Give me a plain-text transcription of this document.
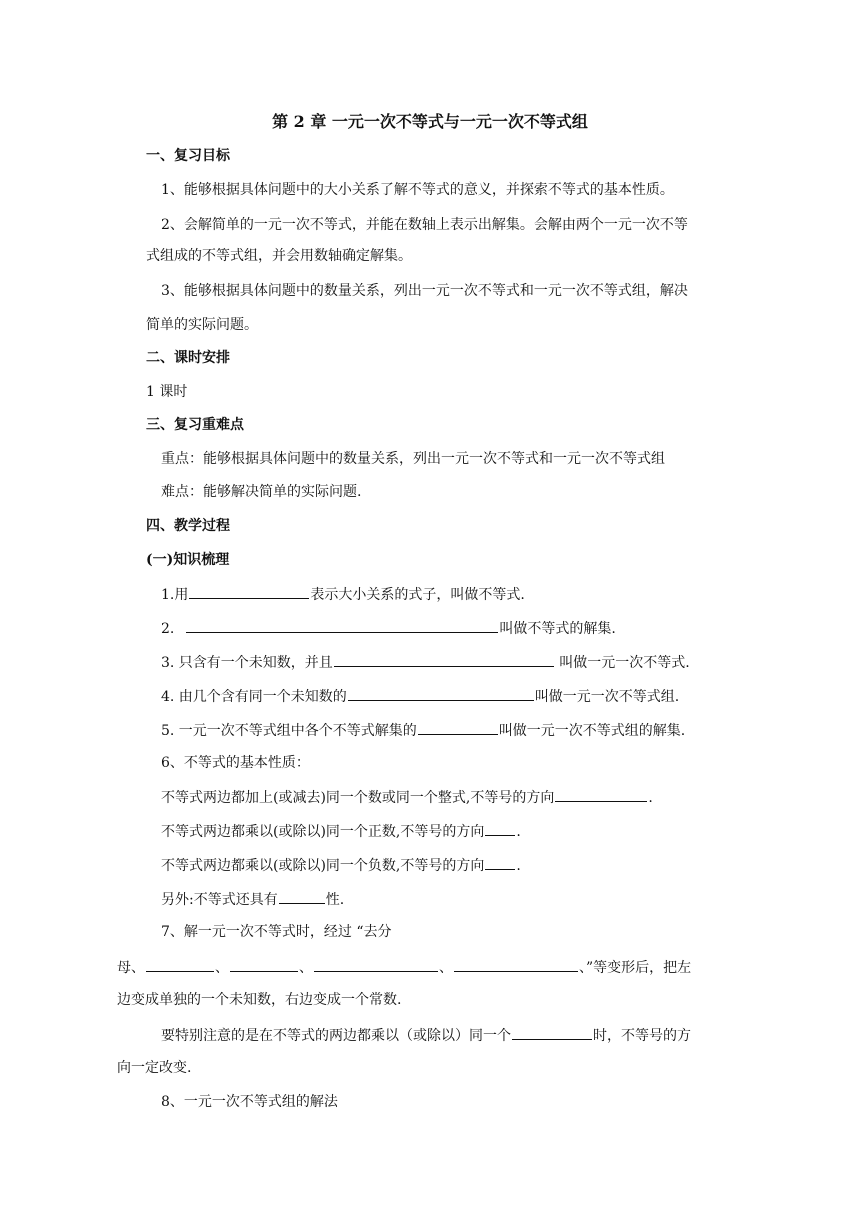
第 2 章 一元一次不等式与一元一次不等式组
一、复习目标
1、能够根据具体问题中的大小关系了解不等式的意义，并探索不等式的基本性质。
2、会解简单的一元一次不等式，并能在数轴上表示出解集。会解由两个一元一次不等
式组成的不等式组，并会用数轴确定解集。
3、能够根据具体问题中的数量关系，列出一元一次不等式和一元一次不等式组，解决
简单的实际问题。
二、课时安排
1 课时
三、复习重难点
重点：能够根据具体问题中的数量关系，列出一元一次不等式和一元一次不等式组
难点：能够解决简单的实际问题.
四、教学过程
(一)知识梳理
1.用	表示大小关系的式子，叫做不等式.
2.	叫做不等式的解集.
3. 只含有一个未知数，并且	叫做一元一次不等式.
4. 由几个含有同一个未知数的	叫做一元一次不等式组.
5. 一元一次不等式组中各个不等式解集的	叫做一元一次不等式组的解集.
6、不等式的基本性质：
不等式两边都加上(或减去)同一个数或同一个整式,不等号的方向	.
不等式两边都乘以(或除以)同一个正数,不等号的方向 .
不等式两边都乘以(或除以)同一个负数,不等号的方向 .
另外:不等式还具有	性.
7、解一元一次不等式时，经过 “去分
母、	、	、	、	、”等变形后，把左
边变成单独的一个未知数，右边变成一个常数.
要特别注意的是在不等式的两边都乘以（或除以）同一个	时，不等号的方
向一定改变.
8、一元一次不等式组的解法
